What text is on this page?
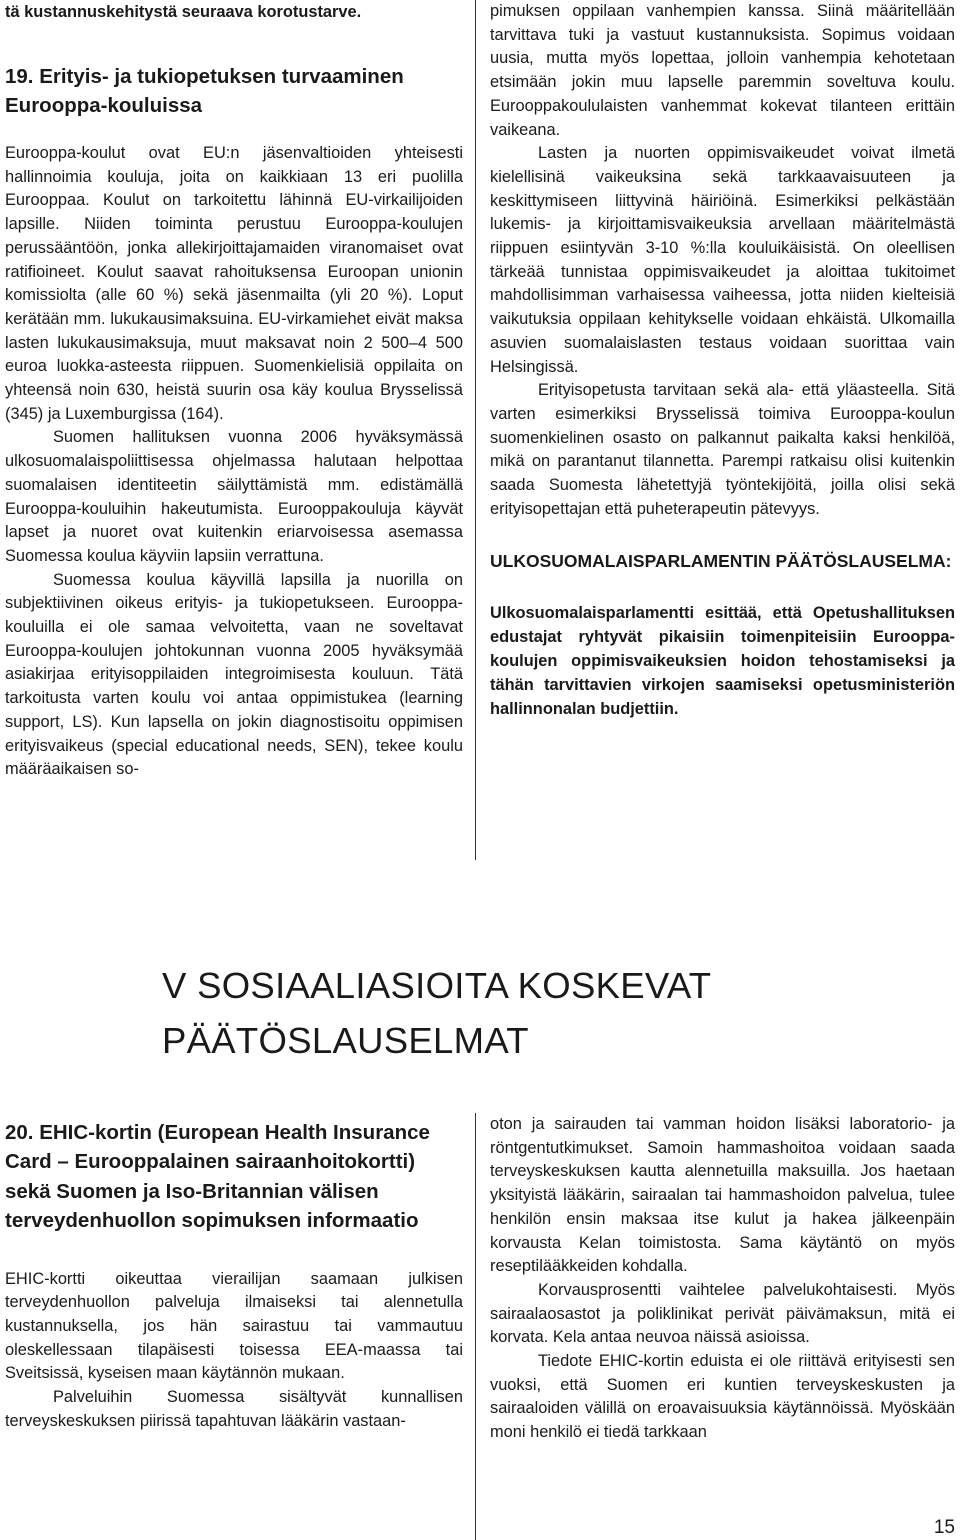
tä kustannuskehitystä seuraava korotustarve.

19. Erityis- ja tukiopetuksen turvaaminen Eurooppa-kouluissa

Eurooppa-koulut ovat EU:n jäsenvaltioiden yhteisesti hallinnoimia kouluja, joita on kaikkiaan 13 eri puolilla Eurooppaa. Koulut on tarkoitettu lähinnä EU-virkailijoiden lapsille. Niiden toiminta perustuu Eurooppa-koulujen perussääntöön, jonka allekirjoittajamaiden viranomaiset ovat ratifioineet. Koulut saavat rahoituksensa Euroopan unionin komissiolta (alle 60 %) sekä jäsenmailta (yli 20 %). Loput kerätään mm. lukukausimaksuina. EU-virkamiehet eivät maksa lasten lukukausimaksuja, muut maksavat noin 2 500–4 500 euroa luokka-asteesta riippuen. Suomenkielisiä oppilaita on yhteensä noin 630, heistä suurin osa käy koulua Brysselissä (345) ja Luxemburgissa (164).

Suomen hallituksen vuonna 2006 hyväksymässä ulkosuomalaispoliittisessa ohjelmassa halutaan helpottaa suomalaisen identiteetin säilyttämistä mm. edistämällä Eurooppa-kouluihin hakeutumista. Eurooppakouluja käyvät lapset ja nuoret ovat kuitenkin eriarvoisessa asemassa Suomessa koulua käyviin lapsiin verrattuna.

Suomessa koulua käyvillä lapsilla ja nuorilla on subjektiivinen oikeus erityis- ja tukiopetukseen. Eurooppa-kouluilla ei ole samaa velvoitetta, vaan ne soveltavat Eurooppa-koulujen johtokunnan vuonna 2005 hyväksymää asiakirjaa erityisoppilaiden integroimisesta kouluun. Tätä tarkoitusta varten koulu voi antaa oppimistukea (learning support, LS). Kun lapsella on jokin diagnostisoitu oppimisen erityisvaikeus (special educational needs, SEN), tekee koulu määräaikaisen so-

pimuksen oppilaan vanhempien kanssa. Siinä määritellään tarvittava tuki ja vastuut kustannuksista. Sopimus voidaan uusia, mutta myös lopettaa, jolloin vanhempia kehotetaan etsimään jokin muu lapselle paremmin soveltuva koulu. Eurooppakoululaisten vanhemmat kokevat tilanteen erittäin vaikeana.

Lasten ja nuorten oppimisvaikeudet voivat ilmetä kielellisinä vaikeuksina sekä tarkkaavaisuuteen ja keskittymiseen liittyvinä häiriöinä. Esimerkiksi pelkästään lukemis- ja kirjoittamisvaikeuksia arvellaan määritelmästä riippuen esiintyvän 3-10 %:lla kouluikäisistä. On oleellisen tärkeää tunnistaa oppimisvaikeudet ja aloittaa tukitoimet mahdollisimman varhaisessa vaiheessa, jotta niiden kielteisiä vaikutuksia oppilaan kehitykselle voidaan ehkäistä. Ulkomailla asuvien suomalaislasten testaus voidaan suorittaa vain Helsingissä.

Erityisopetusta tarvitaan sekä ala- että yläasteella. Sitä varten esimerkiksi Brysselissä toimiva Eurooppa-koulun suomenkielinen osasto on palkannut paikalta kaksi henkilöä, mikä on parantanut tilannetta. Parempi ratkaisu olisi kuitenkin saada Suomesta lähetettyjä työntekijöitä, joilla olisi sekä erityisopettajan että puheterapeutin pätevyys.

ULKOSUOMALAISPARLAMENTIN PÄÄTÖSLAUSELMA:

Ulkosuomalaisparlamentti esittää, että Opetushallituksen edustajat ryhtyvät pikaisiin toimenpiteisiin Eurooppa-koulujen oppimisvaikeuksien hoidon tehostamiseksi ja tähän tarvittavien virkojen saamiseksi opetusministeriön hallinnonalan budjettiin.

V SOSIAALIASIOITA KOSKEVAT PÄÄTÖSLAUSELMAT
20. EHIC-kortin (European Health Insurance Card – Eurooppalainen sairaanhoitokortti) sekä Suomen ja Iso-Britannian välisen terveydenhuollon sopimuksen informaatio

EHIC-kortti oikeuttaa vierailijan saamaan julkisen terveydenhuollon palveluja ilmaiseksi tai alennetulla kustannuksella, jos hän sairastuu tai vammautuu oleskellessaan tilapäisesti toisessa EEA-maassa tai Sveitsissä, kyseisen maan käytännön mukaan.

Palveluihin Suomessa sisältyvät kunnallisen terveyskeskuksen piirissä tapahtuvan lääkärin vastaan-

oton ja sairauden tai vamman hoidon lisäksi laboratorio- ja röntgentutkimukset. Samoin hammashoitoa voidaan saada terveyskeskuksen kautta alennetuilla maksuilla. Jos haetaan yksityistä lääkärin, sairaalan tai hammashoidon palvelua, tulee henkilön ensin maksaa itse kulut ja hakea jälkeenpäin korvausta Kelan toimistosta. Sama käytäntö on myös reseptilääkkeiden kohdalla.

Korvausprosentti vaihtelee palvelukohtaisesti. Myös sairaalaosastot ja poliklinikat perivät päivämaksun, mitä ei korvata. Kela antaa neuvoa näissä asioissa.

Tiedote EHIC-kortin eduista ei ole riittävä erityisesti sen vuoksi, että Suomen eri kuntien terveyskeskusten ja sairaaloiden välillä on eroavaisuuksia käytännöissä. Myöskään moni henkilö ei tiedä tarkkaan

15
